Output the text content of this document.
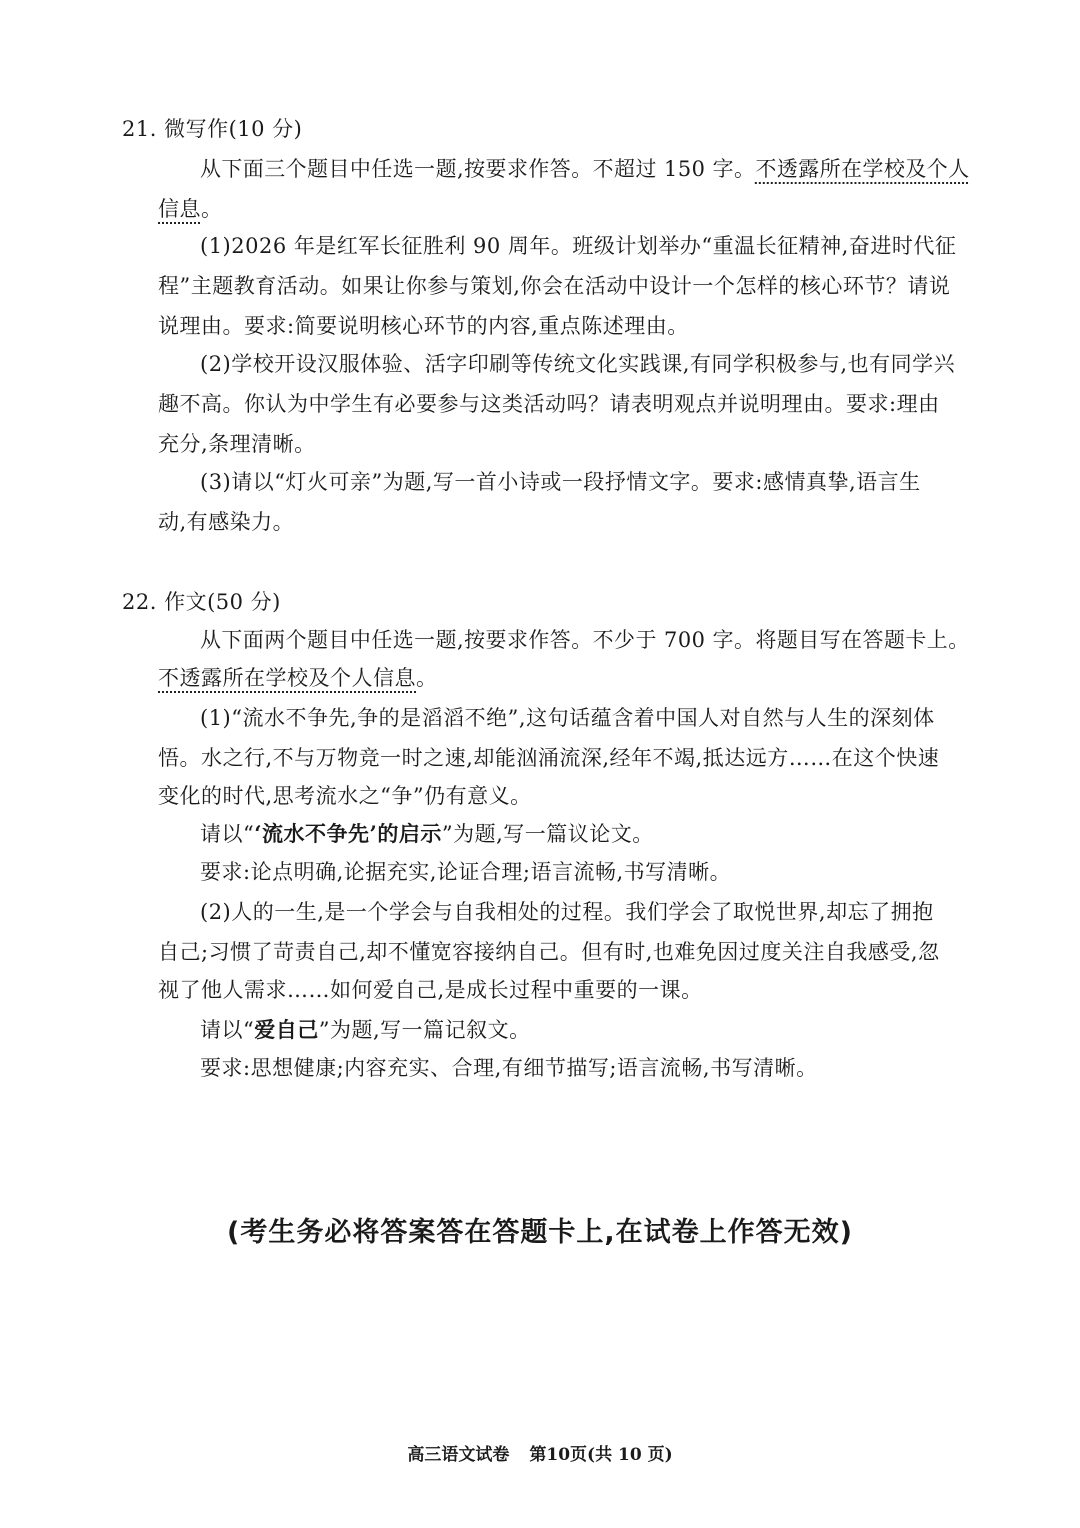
21. 微写作(10 分)
从下面三个题目中任选一题,按要求作答。不超过 150 字。不透露所在学校及个人
信息。
(1)2026 年是红军长征胜利 90 周年。班级计划举办“重温长征精神,奋进时代征
程”主题教育活动。如果让你参与策划,你会在活动中设计一个怎样的核心环节？请说
说理由。要求:简要说明核心环节的内容,重点陈述理由。
(2)学校开设汉服体验、活字印刷等传统文化实践课,有同学积极参与,也有同学兴
趣不高。你认为中学生有必要参与这类活动吗？请表明观点并说明理由。要求:理由
充分,条理清晰。
(3)请以“灯火可亲”为题,写一首小诗或一段抒情文字。要求:感情真挚,语言生
动,有感染力。
22. 作文(50 分)
从下面两个题目中任选一题,按要求作答。不少于 700 字。将题目写在答题卡上。
不透露所在学校及个人信息。
(1)“流水不争先,争的是滔滔不绝”,这句话蕴含着中国人对自然与人生的深刻体
悟。水之行,不与万物竞一时之速,却能汹涌流深,经年不竭,抵达远方……在这个快速
变化的时代,思考流水之“争”仍有意义。
请以“‘流水不争先’的启示”为题,写一篇议论文。
要求:论点明确,论据充实,论证合理;语言流畅,书写清晰。
(2)人的一生,是一个学会与自我相处的过程。我们学会了取悦世界,却忘了拥抱
自己;习惯了苛责自己,却不懂宽容接纳自己。但有时,也难免因过度关注自我感受,忽
视了他人需求……如何爱自己,是成长过程中重要的一课。
请以“爱自己”为题,写一篇记叙文。
要求:思想健康;内容充实、合理,有细节描写;语言流畅,书写清晰。
(考生务必将答案答在答题卡上,在试卷上作答无效)
高三语文试卷 第10页(共 10 页)
